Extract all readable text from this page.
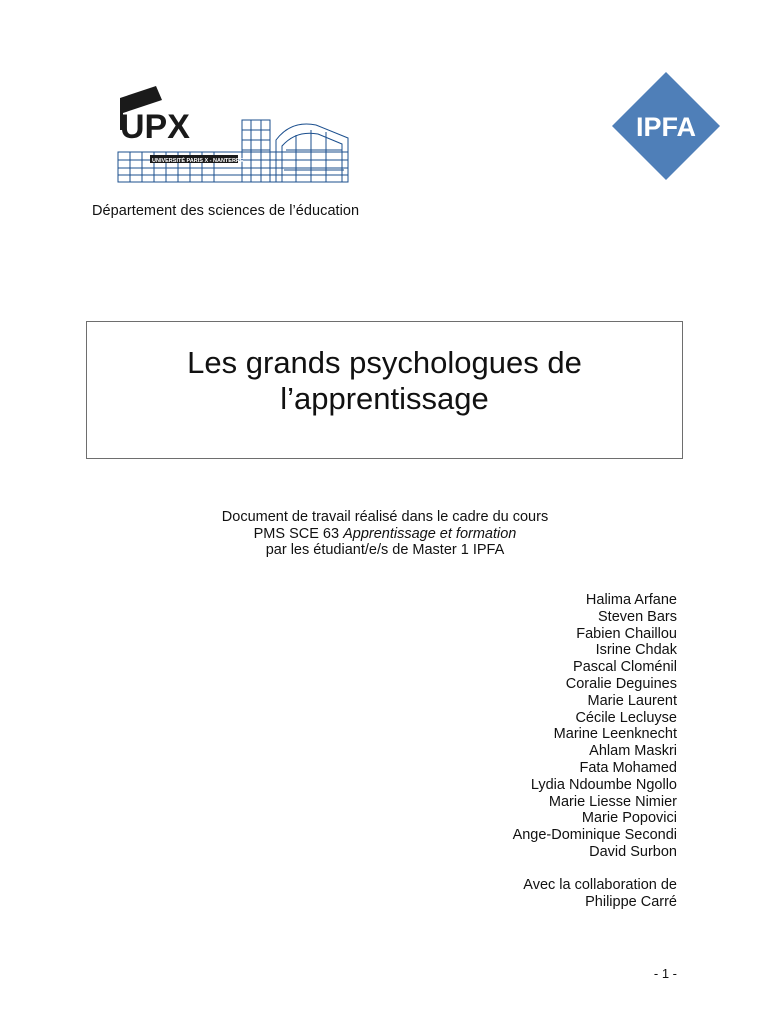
UPX
UNIVERSITÉ PARIS X - NANTERRE
IPFA
Département des sciences de l’éducation
Les grands psychologues de
l’apprentissage
Document de travail réalisé dans le cadre du cours
PMS SCE 63 Apprentissage et formation
par les étudiant/e/s de Master 1 IPFA
Halima Arfane
Steven Bars
Fabien Chaillou
Isrine Chdak
Pascal Cloménil
Coralie Deguines
Marie Laurent
Cécile Lecluyse
Marine Leenknecht
Ahlam Maskri
Fata Mohamed
Lydia Ndoumbe Ngollo
Marie Liesse Nimier
Marie Popovici
Ange-Dominique Secondi
David Surbon
Avec la collaboration de
Philippe Carré
- 1 -
